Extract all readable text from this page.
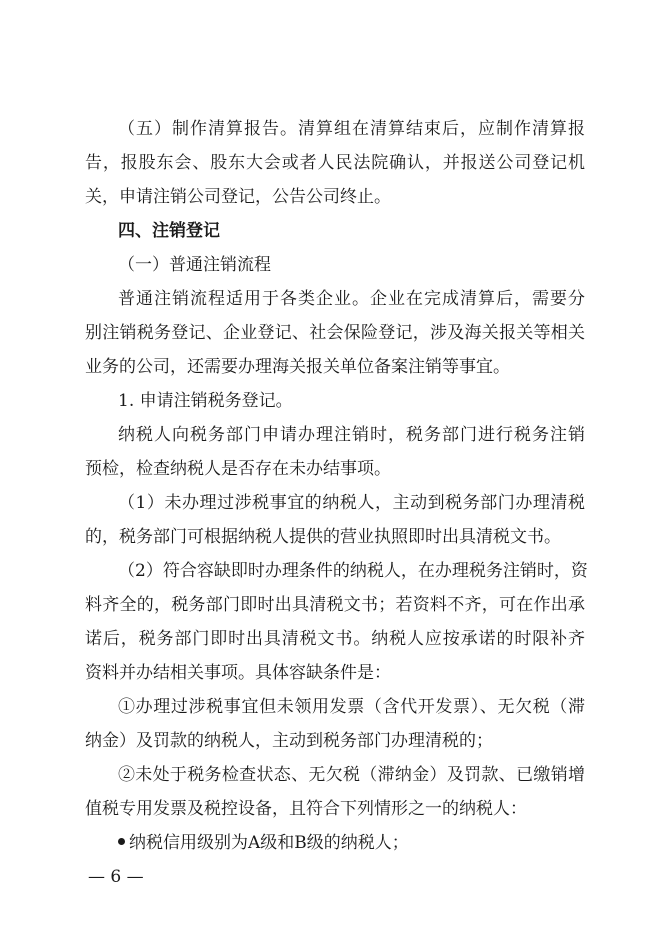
（五）制作清算报告。清算组在清算结束后，应制作清算报
告，报股东会、股东大会或者人民法院确认，并报送公司登记机
关，申请注销公司登记，公告公司终止。
四、注销登记
（一）普通注销流程
普通注销流程适用于各类企业。企业在完成清算后，需要分
别注销税务登记、企业登记、社会保险登记，涉及海关报关等相关
业务的公司，还需要办理海关报关单位备案注销等事宜。
1. 申请注销税务登记。
纳税人向税务部门申请办理注销时，税务部门进行税务注销
预检，检查纳税人是否存在未办结事项。
（1）未办理过涉税事宜的纳税人，主动到税务部门办理清税
的，税务部门可根据纳税人提供的营业执照即时出具清税文书。
（2）符合容缺即时办理条件的纳税人，在办理税务注销时，资
料齐全的，税务部门即时出具清税文书；若资料不齐，可在作出承
诺后，税务部门即时出具清税文书。纳税人应按承诺的时限补齐
资料并办结相关事项。具体容缺条件是：
①办理过涉税事宜但未领用发票（含代开发票）、无欠税（滞
纳金）及罚款的纳税人，主动到税务部门办理清税的；
②未处于税务检查状态、无欠税（滞纳金）及罚款、已缴销增
值税专用发票及税控设备，且符合下列情形之一的纳税人：
纳税信用级别为A级和B级的纳税人；
— 6 —
